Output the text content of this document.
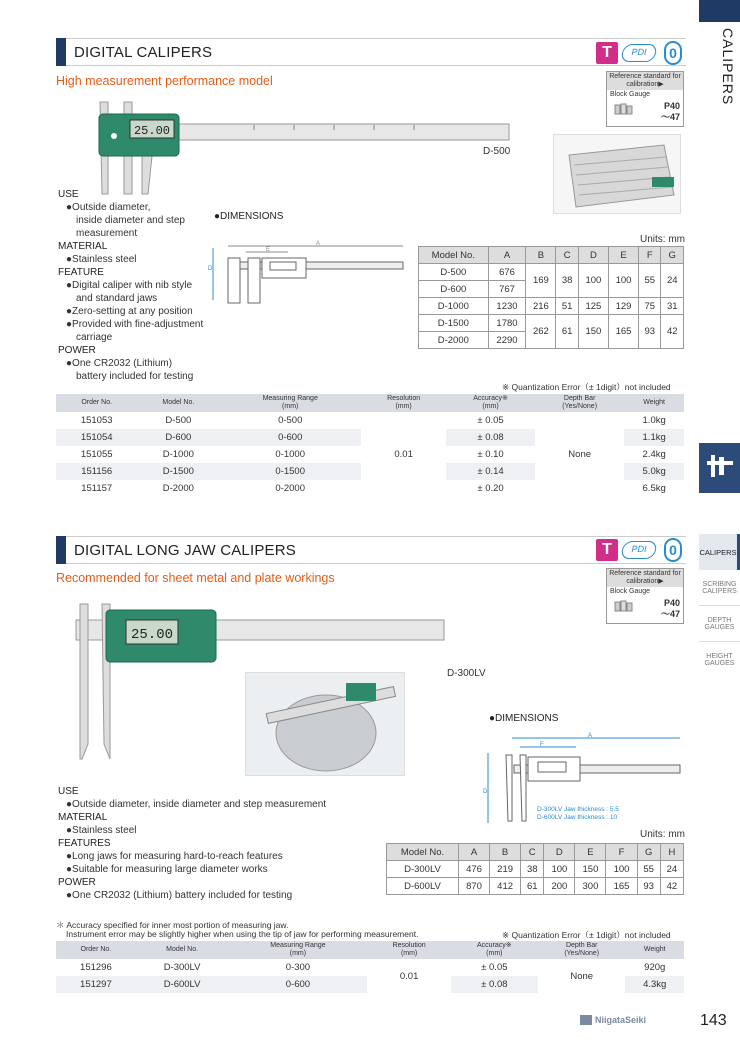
CALIPERS
CALIPERS
SCRIBING CALIPERS
DEPTH GAUGES
HEIGHT GAUGES
DIGITAL CALIPERS	T	PDI	0
High measurement performance model	Reference standard for calibration▶
Block Gauge
P40
～47
25.00
D-500
USE
●Outside diameter,
inside diameter and step
measurement
MATERIAL
●Stainless steel
FEATURE
●Digital caliper with nib style
and standard jaws
●Zero-setting at any position
●Provided with fine-adjustment
carriage
POWER
●One CR2032 (Lithium)
battery included for testing
●DIMENSIONS
A
E
D
Units: mm
Model No.	A	B	C	D	E	F	G
D-500	676	169	38	100	100	55	24
D-600	767						
D-1000	1230	216	51	125	129	75	31
D-1500	1780	262	61	150	165	93	42
D-2000	2290						
※ Quantization Error（± 1digit）not included
Order No.	Model No.	Measuring Range
(mm)	Resolution
(mm)	Accuracy※
(mm)	Depth Bar
(Yes/None)	Weight
151053	D-500	0-500	0.01	± 0.05	None	1.0kg
151054	D-600	0-600		± 0.08		1.1kg
151055	D-1000	0-1000		± 0.10		2.4kg
151156	D-1500	0-1500		± 0.14		5.0kg
151157	D-2000	0-2000		± 0.20		6.5kg
DIGITAL LONG JAW CALIPERS	T	PDI	0
Recommended for sheet metal and plate workings	Reference standard for calibration▶
Block Gauge
P40
～47
25.00
D-300LV
USE
●Outside diameter, inside diameter and step measurement
MATERIAL
●Stainless steel
FEATURES
●Long jaws for measuring hard-to-reach features
●Suitable for measuring large diameter works
POWER
●One CR2032 (Lithium) battery included for testing
●DIMENSIONS
A
F
D
D-300LV Jaw thickness : 5.5
D-600LV Jaw thickness : 10
Units: mm
Model No.	A	B	C	D	E	F	G	H
D-300LV	476	219	38	100	150	100	55	24
D-600LV	870	412	61	200	300	165	93	42
＊ Accuracy specified for inner most portion of measuring jaw.
Instrument error may be slightly higher when using the tip of jaw for performing measurement.	※ Quantization Error（± 1digit）not included
Order No.	Model No.	Measuring Range
(mm)	Resolution
(mm)	Accuracy※
(mm)	Depth Bar
(Yes/None)	Weight
151296	D-300LV	0-300	0.01	± 0.05	None	920g
151297	D-600LV	0-600		± 0.08		4.3kg
NiigataSeiki	143
